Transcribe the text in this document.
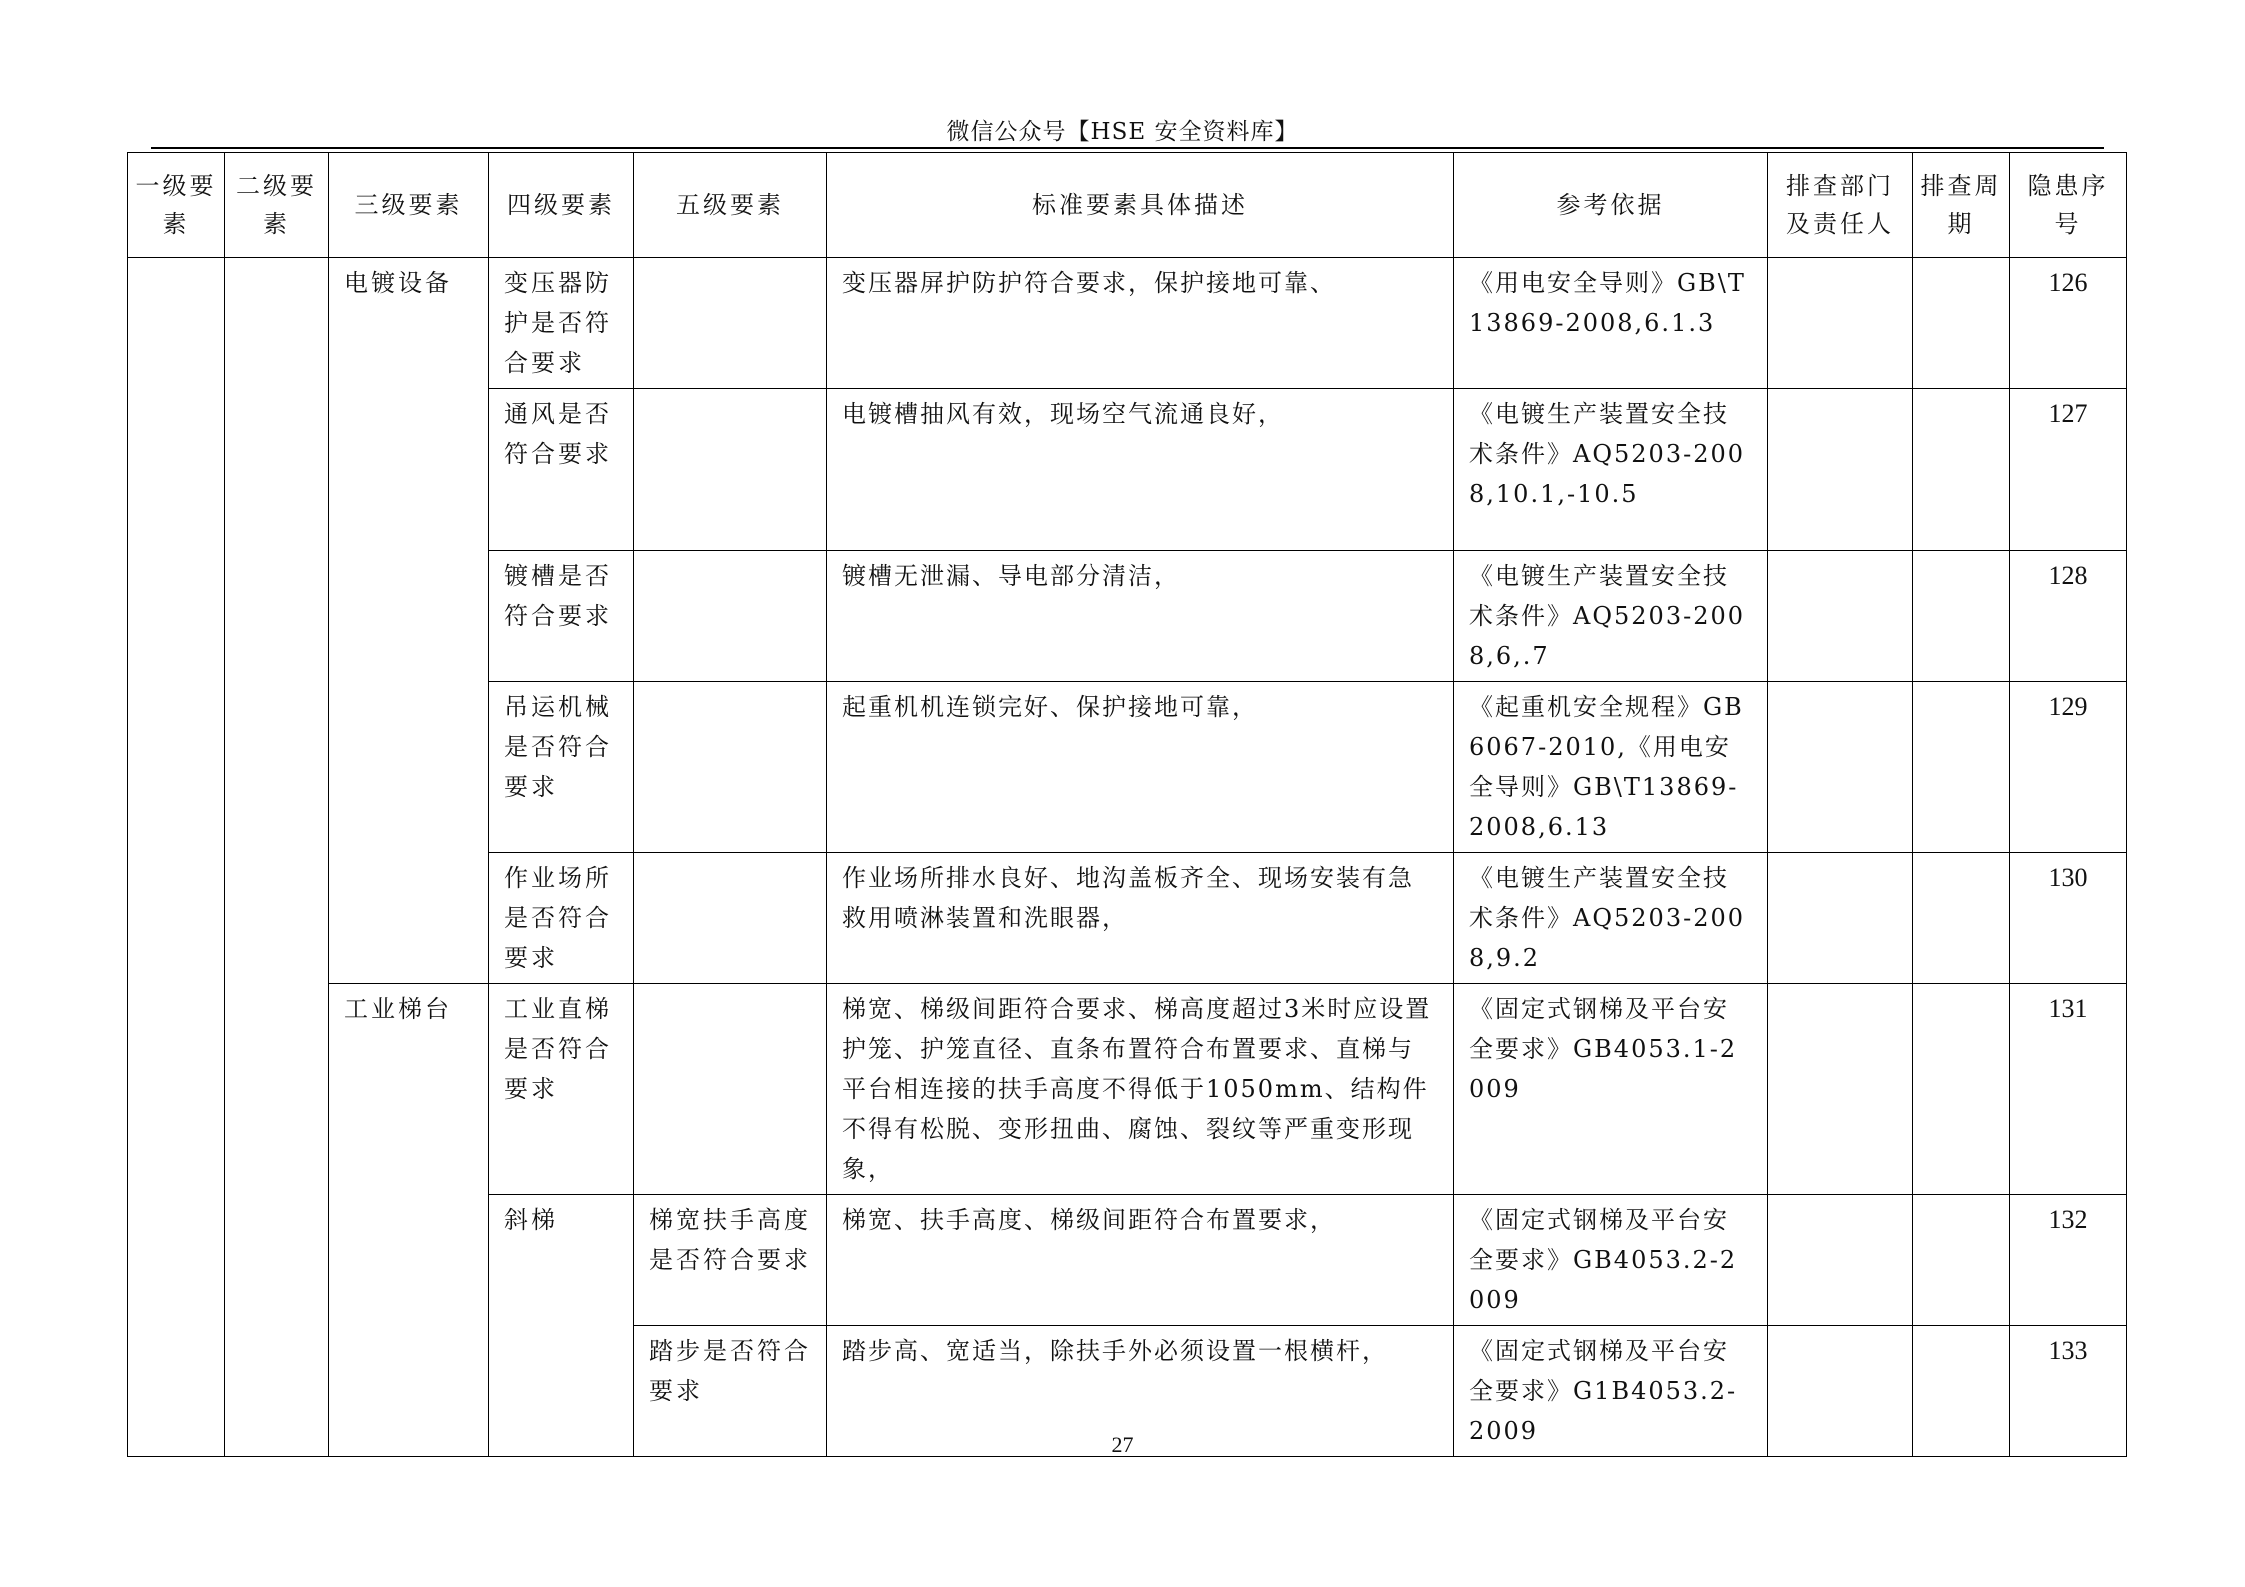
微信公众号【HSE 安全资料库】
一级要素	二级要素	三级要素	四级要素	五级要素	标准要素具体描述	参考依据	排查部门及责任人	排查周期	隐患序号
		电镀设备	变压器防护是否符合要求		变压器屏护防护符合要求，保护接地可靠、	《用电安全导则》GB\T13869-2008,6.1.3			126
			通风是否符合要求		电镀槽抽风有效，现场空气流通良好，	《电镀生产装置安全技术条件》AQ5203-2008,10.1,-10.5			127
			镀槽是否符合要求		镀槽无泄漏、导电部分清洁，	《电镀生产装置安全技术条件》AQ5203-2008,6,.7			128
			吊运机械是否符合要求		起重机机连锁完好、保护接地可靠，	《起重机安全规程》GB6067-2010,《用电安全导则》GB\T13869-2008,6.13			129
			作业场所是否符合要求		作业场所排水良好、地沟盖板齐全、现场安装有急救用喷淋装置和洗眼器，	《电镀生产装置安全技术条件》AQ5203-2008,9.2			130
		工业梯台	工业直梯是否符合要求		梯宽、梯级间距符合要求、梯高度超过3米时应设置护笼、护笼直径、直条布置符合布置要求、直梯与平台相连接的扶手高度不得低于1050mm、结构件不得有松脱、变形扭曲、腐蚀、裂纹等严重变形现象，	《固定式钢梯及平台安全要求》GB4053.1-2009			131
			斜梯	梯宽扶手高度是否符合要求	梯宽、扶手高度、梯级间距符合布置要求，	《固定式钢梯及平台安全要求》GB4053.2-2009			132
				踏步是否符合要求	踏步高、宽适当，除扶手外必须设置一根横杆，	《固定式钢梯及平台安全要求》G1B4053.2-2009			133
27
